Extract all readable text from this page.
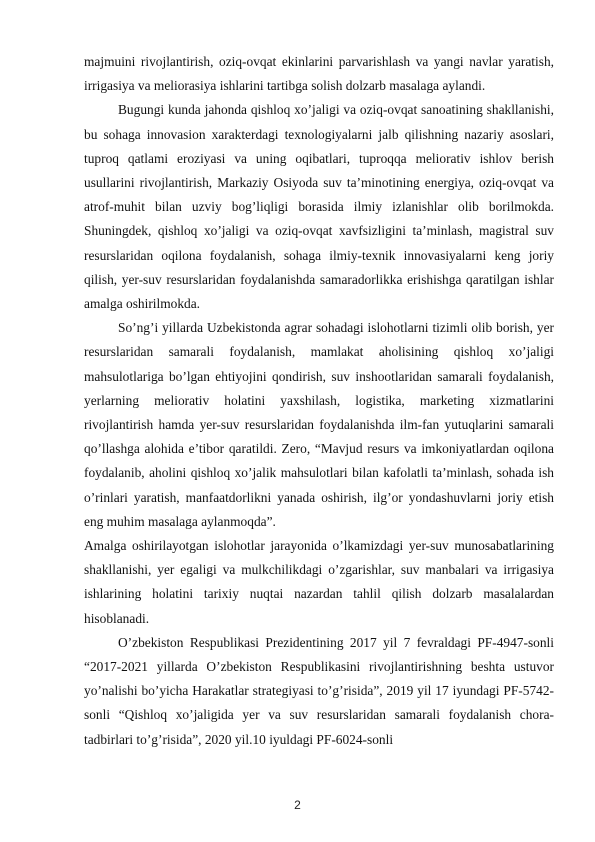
majmuini rivojlantirish, oziq-ovqat ekinlarini parvarishlash va yangi navlar yaratish, irrigasiya va meliorasiya ishlarini tartibga solish dolzarb masalaga aylandi.

Bugungi kunda jahonda qishloq xo’jaligi va oziq-ovqat sanoatining shakllanishi, bu sohaga innovasion xarakterdagi texnologiyalarni jalb qilishning nazariy asoslari, tuproq qatlami eroziyasi va uning oqibatlari, tuproqqa meliorativ ishlov berish usullarini rivojlantirish, Markaziy Osiyoda suv ta’minotining energiya, oziq-ovqat va atrof-muhit bilan uzviy bog’liqligi borasida ilmiy izlanishlar olib borilmokda. Shuningdek, qishloq xo’jaligi va oziq-ovqat xavfsizligini ta’minlash, magistral suv resurslaridan oqilona foydalanish, sohaga ilmiy-texnik innovasiyalarni keng joriy qilish, yer-suv resurslaridan foydalanishda samaradorlikka erishishga qaratilgan ishlar amalga oshirilmokda.

So’ng’i yillarda Uzbekistonda agrar sohadagi islohotlarni tizimli olib borish, yer resurslaridan samarali foydalanish, mamlakat aholisining qishloq xo’jaligi mahsulotlariga bo’lgan ehtiyojini qondirish, suv inshootlaridan samarali foydalanish, yerlarning meliorativ holatini yaxshilash, logistika, marketing xizmatlarini rivojlantirish hamda yer-suv resurslaridan foydalanishda ilm-fan yutuqlarini samarali qo’llashga alohida e’tibor qaratildi. Zero, “Mavjud resurs va imkoniyatlardan oqilona foydalanib, aholini qishloq xo’jalik mahsulotlari bilan kafolatli ta’minlash, sohada ish o’rinlari yaratish, manfaatdorlikni yanada oshirish, ilg’or yondashuvlarni joriy etish eng muhim masalaga aylanmoqda”.

Amalga oshirilayotgan islohotlar jarayonida o’lkamizdagi yer-suv munosabatlarining shakllanishi, yer egaligi va mulkchilikdagi o’zgarishlar, suv manbalari va irrigasiya ishlarining holatini tarixiy nuqtai nazardan tahlil qilish dolzarb masalalardan hisoblanadi.

O’zbekiston Respublikasi Prezidentining 2017 yil 7 fevraldagi PF-4947-sonli “2017-2021 yillarda O’zbekiston Respublikasini rivojlantirishning beshta ustuvor yo’nalishi bo’yicha Harakatlar strategiyasi to’g’risida”, 2019 yil 17 iyundagi PF-5742-sonli “Qishloq xo’jaligida yer va suv resurslaridan samarali foydalanish chora-tadbirlari to’g’risida”, 2020 yil.10 iyuldagi PF-6024-sonli

2
